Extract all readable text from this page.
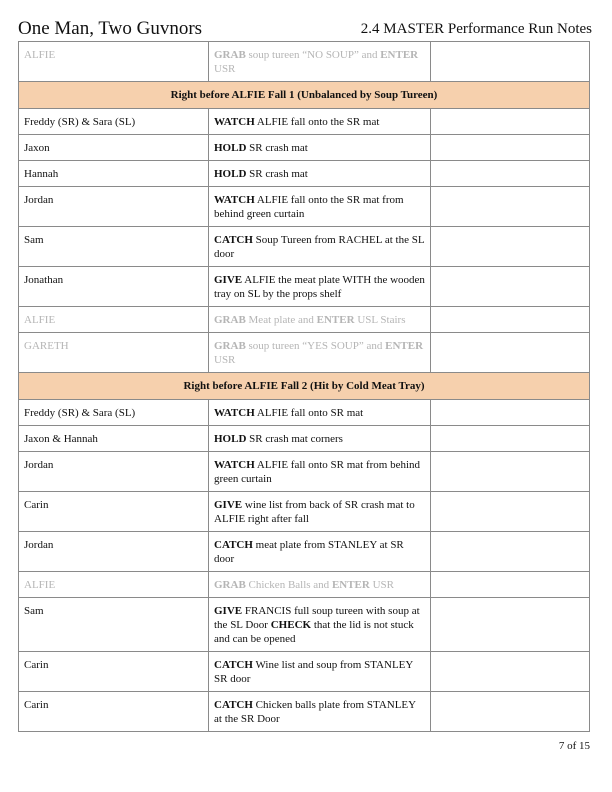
One Man, Two Guvnors	2.4 MASTER Performance Run Notes
ALFIE	GRAB soup tureen “NO SOUP” and ENTER USR	
Right before ALFIE Fall 1 (Unbalanced by Soup Tureen)		
Freddy (SR) & Sara (SL)	WATCH ALFIE fall onto the SR mat	
Jaxon	HOLD SR crash mat	
Hannah	HOLD SR crash mat	
Jordan	WATCH ALFIE fall onto the SR mat from behind green curtain	
Sam	CATCH Soup Tureen from RACHEL at the SL door	
Jonathan	GIVE ALFIE the meat plate WITH the wooden tray on SL by the props shelf	
ALFIE	GRAB Meat plate and ENTER USL Stairs	
GARETH	GRAB soup tureen “YES SOUP” and ENTER USR	
Right before ALFIE Fall 2 (Hit by Cold Meat Tray)		
Freddy (SR) & Sara (SL)	WATCH ALFIE fall onto SR mat	
Jaxon & Hannah	HOLD SR crash mat corners	
Jordan	WATCH ALFIE fall onto SR mat from behind green curtain	
Carin	GIVE wine list from back of SR crash mat to ALFIE right after fall	
Jordan	CATCH meat plate from STANLEY at SR door	
ALFIE	GRAB Chicken Balls and ENTER USR	
Sam	GIVE FRANCIS full soup tureen with soup at the SL Door CHECK that the lid is not stuck and can be opened	
Carin	CATCH Wine list and soup from STANLEY SR door	
Carin	CATCH Chicken balls plate from STANLEY at the SR Door	
7 of 15
